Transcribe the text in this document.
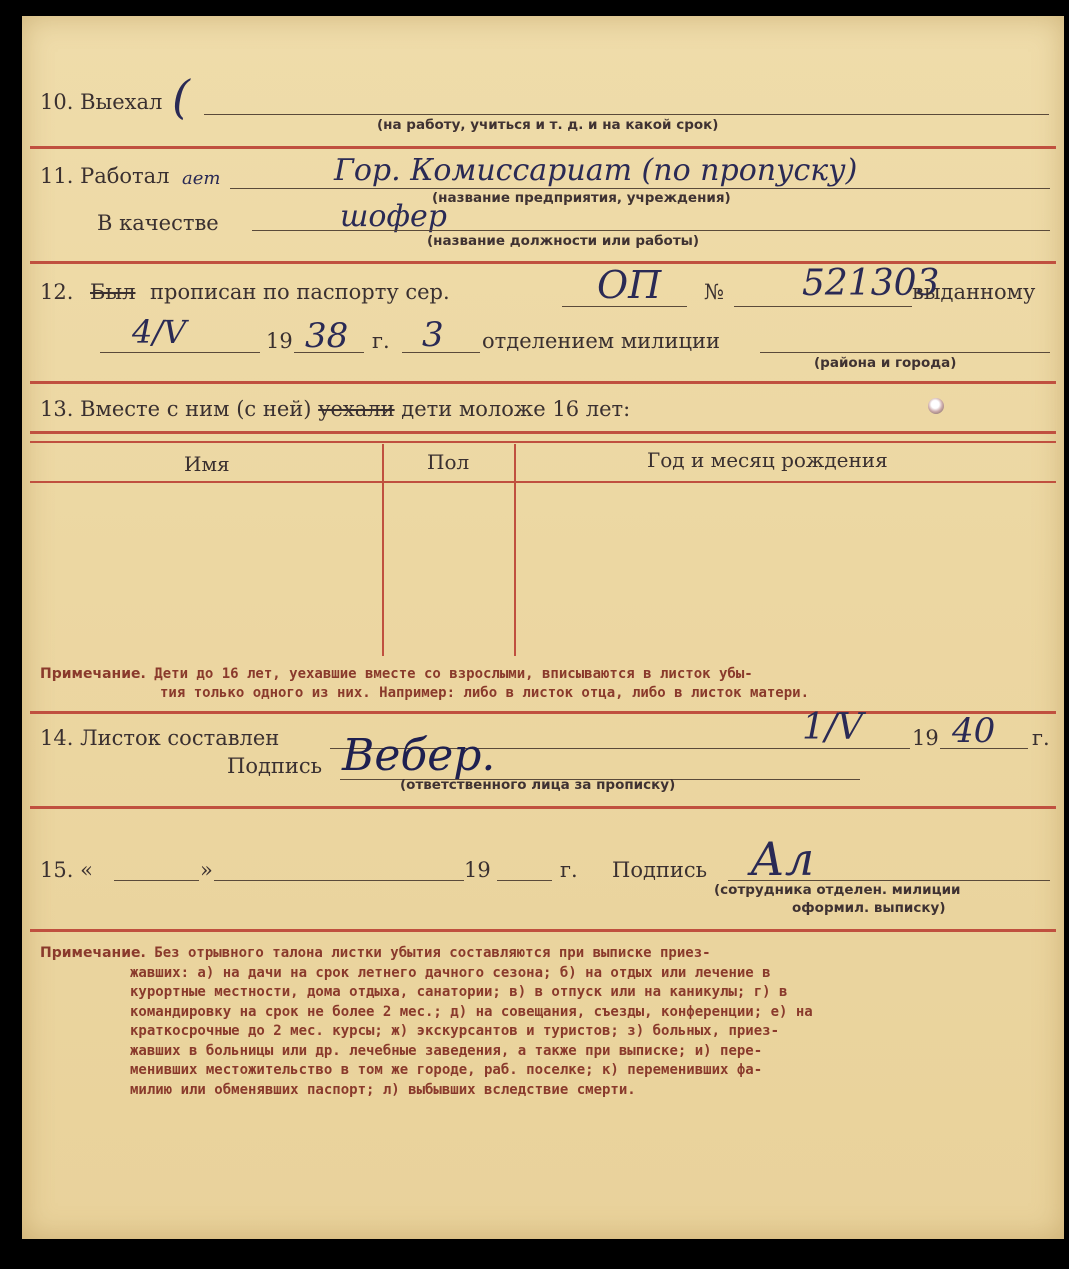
10. Выехал (
(на работу, учиться и т. д. и на какой срок)
11. Работал ает	Гор. Комиссариат (по пропуску)
(название предприятия, учреждения)
В качестве	шофер
(название должности или работы)
12. Был прописан по паспорту сер.	ОП № 521303
выданному
4/V	19 38 г. 3 отделением милиции
(района и города)
13. Вместе с ним (с ней) уехали дети моложе 16 лет:
Имя	Пол	Год и месяц рождения
Примечание. Дети до 16 лет, уехавшие вместе со взрослыми, вписываются в листок убы-
тия только одного из них. Например: либо в листок отца, либо в листок матери.
14. Листок составлен	1/V 19 40 г.
Подпись Вебер.
(ответственного лица за прописку)
15. «	»	19	г. Подпись Ал
(сотрудника отделен. милиции
оформил. выписку)
Примечание. Без отрывного талона листки убытия составляются при выписке приез-
жавших: а) на дачи на срок летнего дачного сезона; б) на отдых или лечение в
курортные местности, дома отдыха, санатории; в) в отпуск или на каникулы; г) в
командировку на срок не более 2 мес.; д) на совещания, съезды, конференции; е) на
краткосрочные до 2 мес. курсы; ж) экскурсантов и туристов; з) больных, приез-
жавших в больницы или др. лечебные заведения, а также при выписке; и) пере-
менивших местожительство в том же городе, раб. поселке; к) переменивших фа-
милию или обменявших паспорт; л) выбывших вследствие смерти.
